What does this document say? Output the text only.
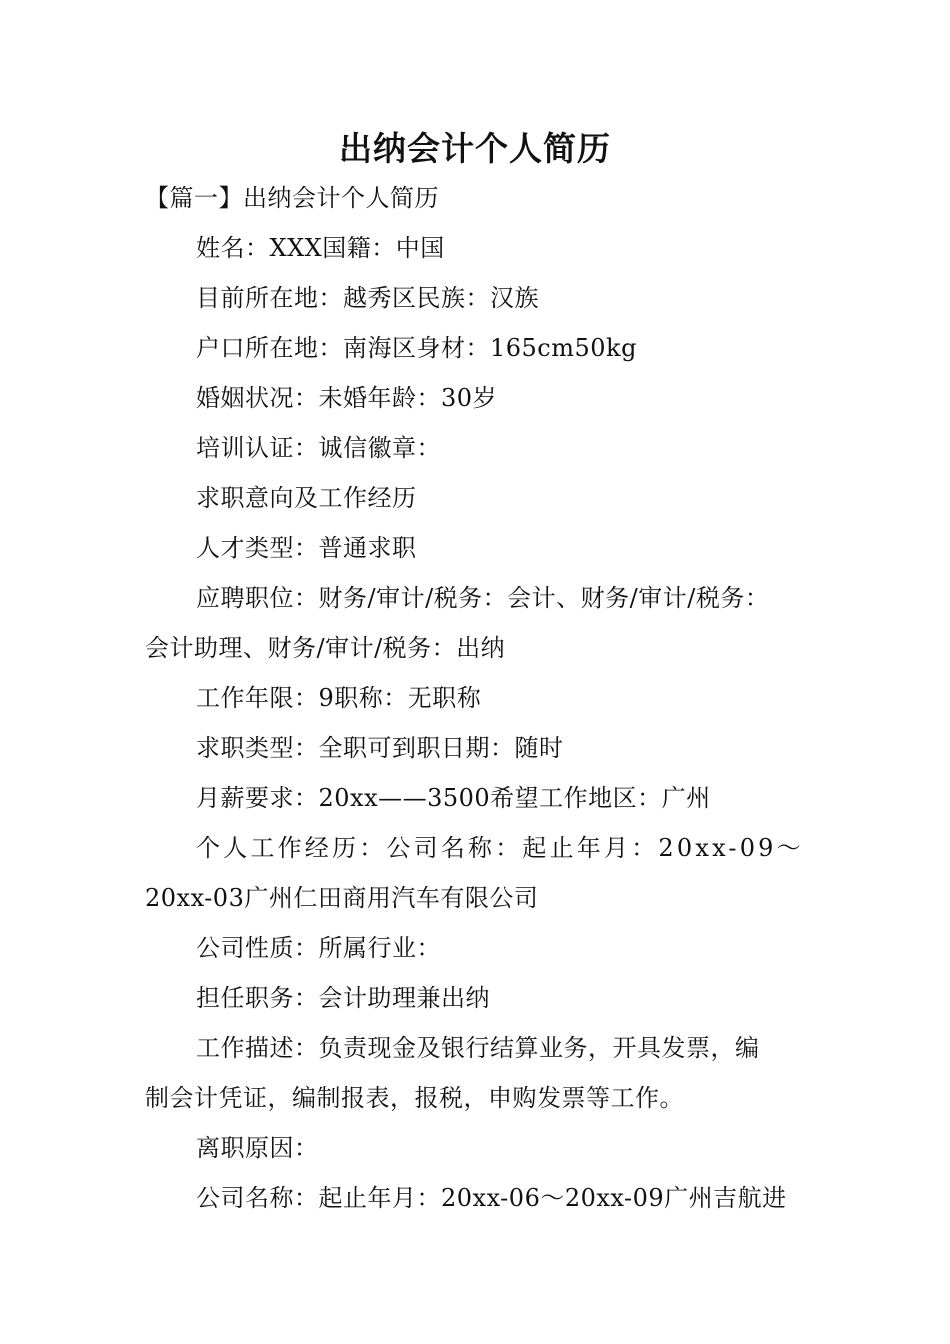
出纳会计个人简历
【篇一】出纳会计个人简历
姓名：XXX国籍：中国
目前所在地：越秀区民族：汉族
户口所在地：南海区身材：165cm50kg
婚姻状况：未婚年龄：30岁
培训认证：诚信徽章：
求职意向及工作经历
人才类型：普通求职
应聘职位：财务/审计/税务：会计、财务/审计/税务：
会计助理、财务/审计/税务：出纳
工作年限：9职称：无职称
求职类型：全职可到职日期：随时
月薪要求：20xx——3500希望工作地区：广州
个人工作经历：公司名称：起止年月：20xx-09～
20xx-03广州仁田商用汽车有限公司
公司性质：所属行业：
担任职务：会计助理兼出纳
工作描述：负责现金及银行结算业务，开具发票，编
制会计凭证，编制报表，报税，申购发票等工作。
离职原因：
公司名称：起止年月：20xx-06～20xx-09广州吉航进
